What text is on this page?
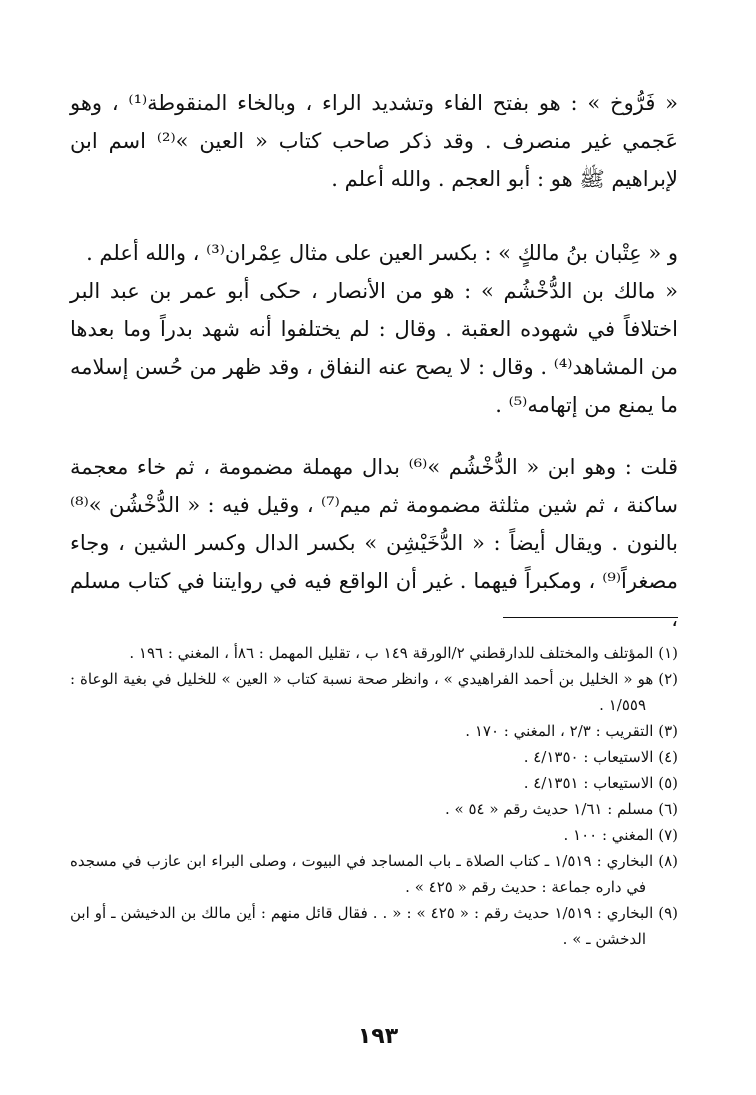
« فَرُّوخ » : هو بفتح الفاء وتشديد الراء ، وبالخاء المنقوطة⁽¹⁾ ، وهو عَجمي غير منصرف . وقد ذكر صاحب كتاب « العين »⁽²⁾ اسم ابن لإبراهيم ﷺ هو : أبو العجم . والله أعلم .

و « عِتْبان بنُ مالكٍ » : بكسر العين على مثال عِمْران⁽³⁾ ، والله أعلم .

« مالك بن الدُّخْشُم » : هو من الأنصار ، حكى أبو عمر بن عبد البر اختلافاً في شهوده العقبة . وقال : لم يختلفوا أنه شهد بدراً وما بعدها من المشاهد⁽⁴⁾ . وقال : لا يصح عنه النفاق ، وقد ظهر من حُسن إسلامه ما يمنع من إتهامه⁽⁵⁾ .

قلت : وهو ابن « الدُّخْشُم »⁽⁶⁾ بدال مهملة مضمومة ، ثم خاء معجمة ساكنة ، ثم شين مثلثة مضمومة ثم ميم⁽⁷⁾ ، وقيل فيه : « الدُّخْشُن »⁽⁸⁾ بالنون . ويقال أيضاً : « الدُّخَيْشِن » بكسر الدال وكسر الشين ، وجاء مصغراً⁽⁹⁾ ، ومكبراً فيهما . غير أن الواقع فيه في روايتنا في كتاب مسلم ،

(١) المؤتلف والمختلف للدارقطني ٢/الورقة ١٤٩ ب ، تقليل المهمل : ٨٦أ ، المغني : ١٩٦ .

(٢) هو « الخليل بن أحمد الفراهيدي » ، وانظر صحة نسبة كتاب « العين » للخليل في بغية الوعاة : ١/٥٥٩ .

(٣) التقريب : ٢/٣ ، المغني : ١٧٠ .

(٤) الاستيعاب : ٤/١٣٥٠ .

(٥) الاستيعاب : ٤/١٣٥١ .

(٦) مسلم : ١/٦١ حديث رقم « ٥٤ » .

(٧) المغني : ١٠٠ .

(٨) البخاري : ١/٥١٩ ـ كتاب الصلاة ـ باب المساجد في البيوت ، وصلى البراء ابن عازب في مسجده في داره جماعة : حديث رقم « ٤٢٥ » .

(٩) البخاري : ١/٥١٩ حديث رقم : « ٤٢٥ » : « . . فقال قائل منهم : أين مالك بن الدخيشن ـ أو ابن الدخشن ـ » .

١٩٣
